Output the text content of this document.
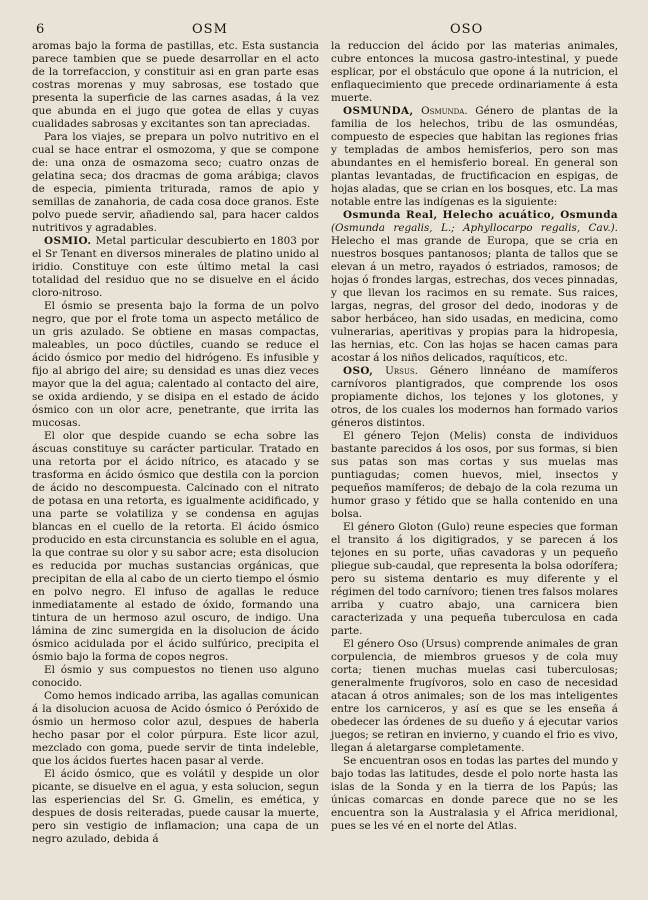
6	OSM	OSO

aromas bajo la forma de pastillas, etc. Esta sustancia parece tambien que se puede desarrollar en el acto de la torrefaccion, y constituir asi en gran parte esas costras morenas y muy sabrosas, ese tostado que presenta la superficie de las carnes asadas, á la vez que abunda en el jugo que gotea de ellas y cuyas cualidades sabrosas y excitantes son tan apreciadas.

Para los viajes, se prepara un polvo nutritivo en el cual se hace entrar el osmozoma, y que se compone de: una onza de osmazoma seco; cuatro onzas de gelatina seca; dos dracmas de goma arábiga; clavos de especia, pimienta triturada, ramos de apio y semillas de zanahoria, de cada cosa doce granos. Este polvo puede servir, añadiendo sal, para hacer caldos nutritivos y agradables.

OSMIO. Metal particular descubierto en 1803 por el Sr Tenant en diversos minerales de platino unido al iridio. Constituye con este último metal la casi totalidad del residuo que no se disuelve en el ácido cloro-nitroso.

El ósmio se presenta bajo la forma de un polvo negro, que por el frote toma un aspecto metálico de un gris azulado. Se obtiene en masas compactas, maleables, un poco dúctiles, cuando se reduce el ácido ósmico por medio del hidrógeno. Es infusible y fijo al abrigo del aire; su densidad es unas diez veces mayor que la del agua; calentado al contacto del aire, se oxida ardiendo, y se disipa en el estado de ácido ósmico con un olor acre, penetrante, que irrita las mucosas.

El olor que despide cuando se echa sobre las áscuas constituye su carácter particular. Tratado en una retorta por el ácido nítrico, es atacado y se trasforma en ácido ósmico que destila con la porcion de ácido no descompuesta. Calcinado con el nitrato de potasa en una retorta, es igualmente acidificado, y una parte se volatiliza y se condensa en agujas blancas en el cuello de la retorta. El ácido ósmico producido en esta circunstancia es soluble en el agua, la que contrae su olor y su sabor acre; esta disolucion es reducida por muchas sustancias orgánicas, que precipitan de ella al cabo de un cierto tiempo el ósmio en polvo negro. El infuso de agallas le reduce inmediatamente al estado de óxido, formando una tintura de un hermoso azul oscuro, de indigo. Una lámina de zinc sumergida en la disolucion de ácido ósmico acidulada por el ácido sulfúrico, precipita el ósmio bajo la forma de copos negros.

El ósmio y sus compuestos no tienen uso alguno conocido.

Como hemos indicado arriba, las agallas comunican á la disolucion acuosa de Acido ósmico ó Peróxido de ósmio un hermoso color azul, despues de haberla hecho pasar por el color púrpura. Este licor azul, mezclado con goma, puede servir de tinta indeleble, que los ácidos fuertes hacen pasar al verde.

El ácido ósmico, que es volátil y despide un olor picante, se disuelve en el agua, y esta solucion, segun las esperiencias del Sr. G. Gmelin, es emética, y despues de dosis reiteradas, puede causar la muerte, pero sin vestigio de inflamacion; una capa de un negro azulado, debida á

la reduccion del ácido por las materias animales, cubre entonces la mucosa gastro-intestinal, y puede esplicar, por el obstáculo que opone á la nutricion, el enflaquecimiento que precede ordinariamente á esta muerte.

OSMUNDA, Osmunda. Género de plantas de la familia de los helechos, tribu de las osmundéas, compuesto de especies que habitan las regiones frias y templadas de ambos hemisferios, pero son mas abundantes en el hemisferio boreal. En general son plantas levantadas, de fructificacion en espigas, de hojas aladas, que se crian en los bosques, etc. La mas notable entre las indígenas es la siguiente:

Osmunda Real, Helecho acuático, Osmunda (Osmunda regalis, L.; Aphyllocarpo regalis, Cav.). Helecho el mas grande de Europa, que se cria en nuestros bosques pantanosos; planta de tallos que se elevan á un metro, rayados ó estriados, ramosos; de hojas ó frondes largas, estrechas, dos veces pinnadas, y que llevan los racimos en su remate. Sus raices, largas, negras, del grosor del dedo, inodoras y de sabor herbáceo, han sido usadas, en medicina, como vulnerarias, aperitivas y propias para la hidropesia, las hernias, etc. Con las hojas se hacen camas para acostar á los niños delicados, raquíticos, etc.

OSO, Ursus. Género linnéano de mamíferos carnívoros plantigrados, que comprende los osos propiamente dichos, los tejones y los glotones, y otros, de los cuales los modernos han formado varios géneros distintos.

El género Tejon (Melis) consta de individuos bastante parecidos á los osos, por sus formas, si bien sus patas son mas cortas y sus muelas mas puntiagudas; comen huevos, miel, insectos y pequeños mamíferos; de debajo de la cola rezuma un humor graso y fétido que se halla contenido en una bolsa.

El género Gloton (Gulo) reune especies que forman el transito á los digitigrados, y se parecen á los tejones en su porte, uñas cavadoras y un pequeño pliegue sub-caudal, que representa la bolsa odorífera; pero su sistema dentario es muy diferente y el régimen del todo carnívoro; tienen tres falsos molares arriba y cuatro abajo, una carnicera bien caracterizada y una pequeña tuberculosa en cada parte.

El género Oso (Ursus) comprende animales de gran corpulencia, de miembros gruesos y de cola muy corta; tienen muchas muelas casi tuberculosas; generalmente frugívoros, solo en caso de necesidad atacan á otros animales; son de los mas inteligentes entre los carniceros, y así es que se les enseña á obedecer las órdenes de su dueño y á ejecutar varios juegos; se retiran en invierno, y cuando el frio es vivo, llegan á aletargarse completamente.

Se encuentran osos en todas las partes del mundo y bajo todas las latitudes, desde el polo norte hasta las islas de la Sonda y en la tierra de los Papús; las únicas comarcas en donde parece que no se les encuentra son la Australasia y el Africa meridional, pues se les vé en el norte del Atlas.
